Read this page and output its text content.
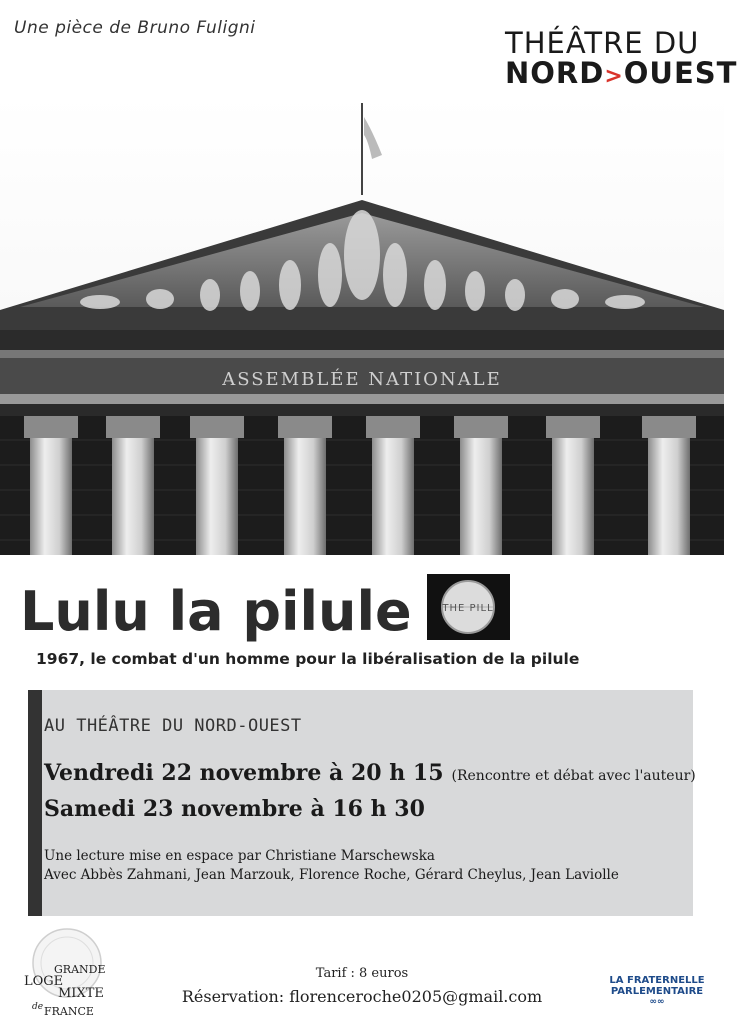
Une pièce de Bruno Fuligni	THÉÂTRE DU
NORD>OUEST
ASSEMBLÉE NATIONALE
Lulu la pilule	THE PILL
1967, le combat d'un homme pour la libéralisation de la pilule
AU THÉÂTRE DU NORD-OUEST
Vendredi 22 novembre à 20 h 15 (Rencontre et débat avec l'auteur)
Samedi 23 novembre à 16 h 30
Une lecture mise en espace par Christiane Marschewska
Avec Abbès Zahmani, Jean Marzouk, Florence Roche, Gérard Cheylus, Jean Laviolle
GRANDE
LOGE
MIXTE
de FRANCE
Tarif : 8 euros
Réservation: florenceroche0205@gmail.com
LA FRATERNELLE
PARLEMENTAIRE
∞∞
